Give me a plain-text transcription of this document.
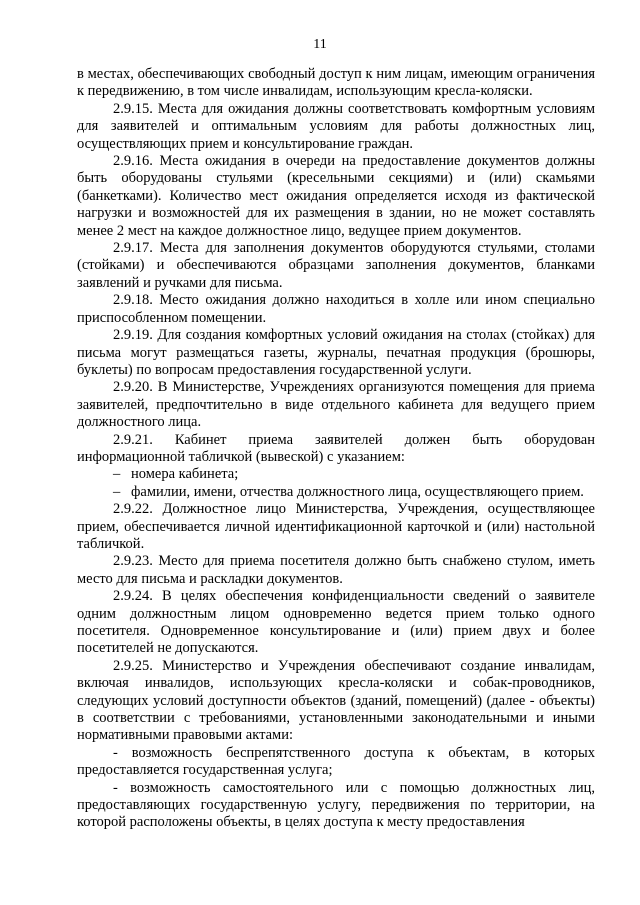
11

в местах, обеспечивающих свободный доступ к ним лицам, имеющим ограничения к передвижению, в том числе инвалидам, использующим кресла-коляски.

2.9.15. Места для ожидания должны соответствовать комфортным условиям для заявителей и оптимальным условиям для работы должностных лиц, осуществляющих прием и консультирование граждан.

2.9.16. Места ожидания в очереди на предоставление документов должны быть оборудованы стульями (кресельными секциями) и (или) скамьями (банкетками). Количество мест ожидания определяется исходя из фактической нагрузки и возможностей для их размещения в здании, но не может составлять менее 2 мест на каждое должностное лицо, ведущее прием документов.

2.9.17. Места для заполнения документов оборудуются стульями, столами (стойками) и обеспечиваются образцами заполнения документов, бланками заявлений и ручками для письма.

2.9.18. Место ожидания должно находиться в холле или ином специально приспособленном помещении.

2.9.19. Для создания комфортных условий ожидания на столах (стойках) для письма могут размещаться газеты, журналы, печатная продукция (брошюры, буклеты) по вопросам предоставления государственной услуги.

2.9.20. В Министерстве, Учреждениях организуются помещения для приема заявителей, предпочтительно в виде отдельного кабинета для ведущего прием должностного лица.

2.9.21. Кабинет приема заявителей должен быть оборудован информационной табличкой (вывеской) с указанием:

– номера кабинета;

– фамилии, имени, отчества должностного лица, осуществляющего прием.

2.9.22. Должностное лицо Министерства, Учреждения, осуществляющее прием, обеспечивается личной идентификационной карточкой и (или) настольной табличкой.

2.9.23. Место для приема посетителя должно быть снабжено стулом, иметь место для письма и раскладки документов.

2.9.24. В целях обеспечения конфиденциальности сведений о заявителе одним должностным лицом одновременно ведется прием только одного посетителя. Одновременное консультирование и (или) прием двух и более посетителей не допускаются.

2.9.25. Министерство и Учреждения обеспечивают создание инвалидам, включая инвалидов, использующих кресла-коляски и собак-проводников, следующих условий доступности объектов (зданий, помещений) (далее - объекты) в соответствии с требованиями, установленными законодательными и иными нормативными правовыми актами:

- возможность беспрепятственного доступа к объектам, в которых предоставляется государственная услуга;

- возможность самостоятельного или с помощью должностных лиц, предоставляющих государственную услугу, передвижения по территории, на которой расположены объекты, в целях доступа к месту предоставления
